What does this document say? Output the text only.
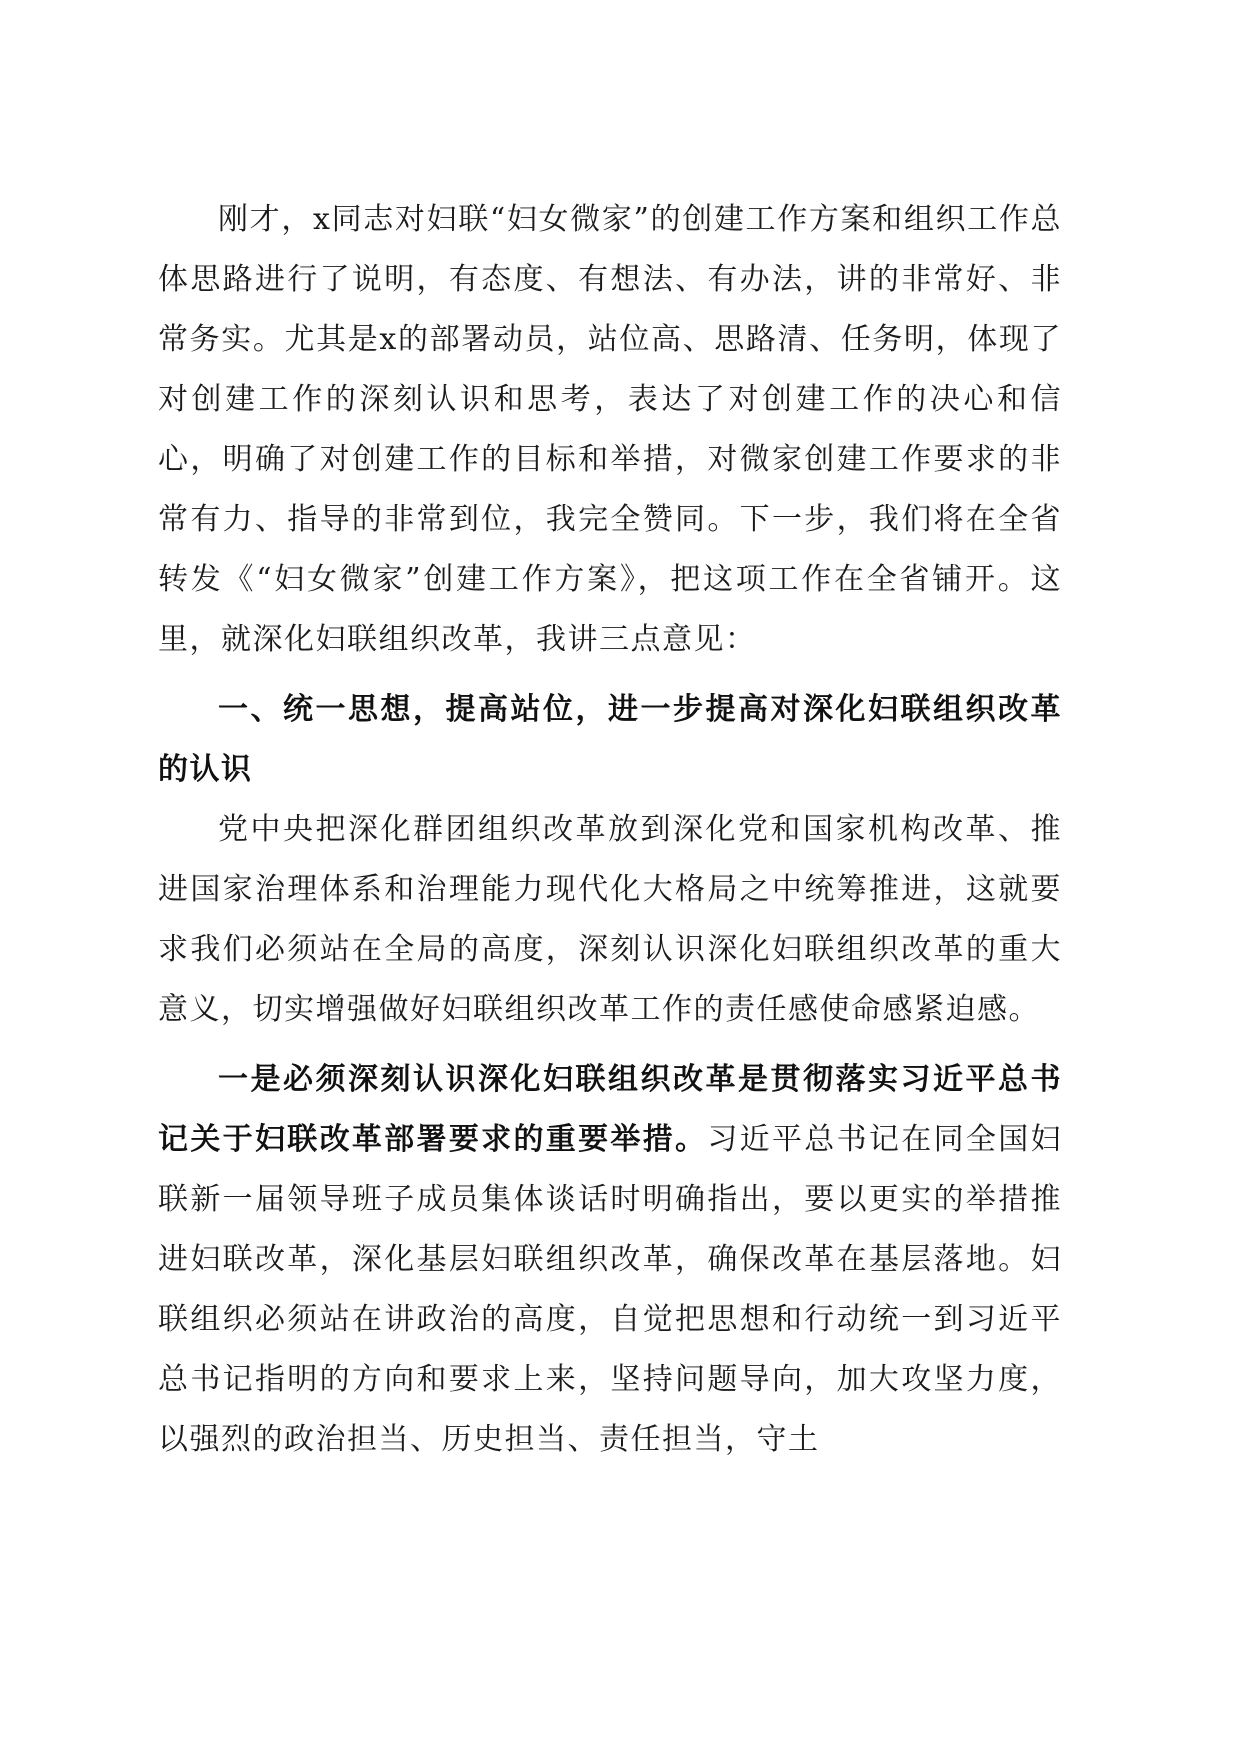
刚才，x同志对妇联“妇女微家”的创建工作方案和组织工作总体思路进行了说明，有态度、有想法、有办法，讲的非常好、非常务实。尤其是x的部署动员，站位高、思路清、任务明，体现了对创建工作的深刻认识和思考，表达了对创建工作的决心和信心，明确了对创建工作的目标和举措，对微家创建工作要求的非常有力、指导的非常到位，我完全赞同。下一步，我们将在全省转发《“妇女微家”创建工作方案》，把这项工作在全省铺开。这里，就深化妇联组织改革，我讲三点意见：

一、统一思想，提高站位，进一步提高对深化妇联组织改革的认识

党中央把深化群团组织改革放到深化党和国家机构改革、推进国家治理体系和治理能力现代化大格局之中统筹推进，这就要求我们必须站在全局的高度，深刻认识深化妇联组织改革的重大意义，切实增强做好妇联组织改革工作的责任感使命感紧迫感。

一是必须深刻认识深化妇联组织改革是贯彻落实习近平总书记关于妇联改革部署要求的重要举措。习近平总书记在同全国妇联新一届领导班子成员集体谈话时明确指出，要以更实的举措推进妇联改革，深化基层妇联组织改革，确保改革在基层落地。妇联组织必须站在讲政治的高度，自觉把思想和行动统一到习近平总书记指明的方向和要求上来，坚持问题导向，加大攻坚力度，以强烈的政治担当、历史担当、责任担当，守土
